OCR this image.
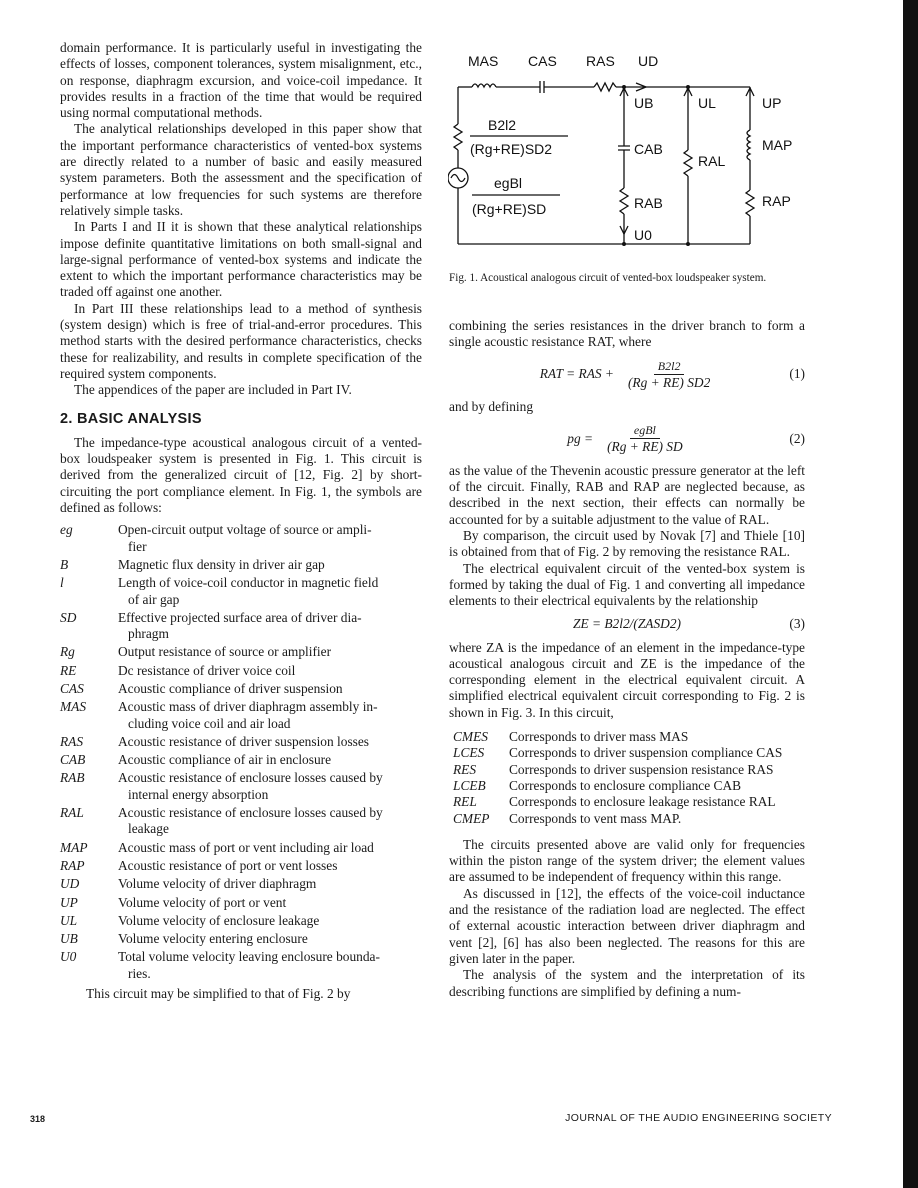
domain performance. It is particularly useful in investigating the effects of losses, component tolerances, system misalignment, etc., on response, diaphragm excursion, and voice-coil impedance. It provides results in a fraction of the time that would be required using normal computational methods.

The analytical relationships developed in this paper show that the important performance characteristics of vented-box systems are directly related to a number of basic and easily measured system parameters. Both the assessment and the specification of performance at low frequencies for such systems are therefore relatively simple tasks.

In Parts I and II it is shown that these analytical relationships impose definite quantitative limitations on both small-signal and large-signal performance of vented-box systems and indicate the extent to which the important performance characteristics may be traded off against one another.

In Part III these relationships lead to a method of synthesis (system design) which is free of trial-and-error procedures. This method starts with the desired performance characteristics, checks these for realizability, and results in complete specification of the required system components.

The appendices of the paper are included in Part IV.

2. BASIC ANALYSIS

The impedance-type acoustical analogous circuit of a vented-box loudspeaker system is presented in Fig. 1. This circuit is derived from the generalized circuit of [12, Fig. 2] by short-circuiting the port compliance element. In Fig. 1, the symbols are defined as follows:

eg	Open-circuit output voltage of source or ampli-
fier
B	Magnetic flux density in driver air gap
l	Length of voice-coil conductor in magnetic field
of air gap
SD	Effective projected surface area of driver dia-
phragm
Rg	Output resistance of source or amplifier
RE	Dc resistance of driver voice coil
CAS	Acoustic compliance of driver suspension
MAS	Acoustic mass of driver diaphragm assembly in-
cluding voice coil and air load
RAS	Acoustic resistance of driver suspension losses
CAB	Acoustic compliance of air in enclosure
RAB	Acoustic resistance of enclosure losses caused by
internal energy absorption
RAL	Acoustic resistance of enclosure losses caused by
leakage
MAP	Acoustic mass of port or vent including air load
RAP	Acoustic resistance of port or vent losses
UD	Volume velocity of driver diaphragm
UP	Volume velocity of port or vent
UL	Volume velocity of enclosure leakage
UB	Volume velocity entering enclosure
U0	Total volume velocity leaving enclosure bounda-
ries.

This circuit may be simplified to that of Fig. 2 by

MAS CAS RAS UD
UB
CAB
RAB
U0
UL
RAL
UP
MAP
RAP
B2l2
(Rg+RE)SD2
egBl
(Rg+RE)SD
Fig. 1. Acoustical analogous circuit of vented-box loudspeaker system.

combining the series resistances in the driver branch to form a single acoustic resistance RAT, where

RAT = RAS + $\frac{B2l2}{(Rg + RE) SD2}$	(1)

and by defining

pg = $\frac{\text{egBl}}{(Rg + RE) SD}$	(2)

as the value of the Thevenin acoustic pressure generator at the left of the circuit. Finally, RAB and RAP are neglected because, as described in the next section, their effects can normally be accounted for by a suitable adjustment to the value of RAL.

By comparison, the circuit used by Novak [7] and Thiele [10] is obtained from that of Fig. 2 by removing the resistance RAL.

The electrical equivalent circuit of the vented-box system is formed by taking the dual of Fig. 1 and converting all impedance elements to their electrical equivalents by the relationship

ZE = B2l2/(ZASD2)	(3)

where ZA is the impedance of an element in the impedance-type acoustical analogous circuit and ZE is the impedance of the corresponding element in the electrical equivalent circuit. A simplified electrical equivalent circuit corresponding to Fig. 2 is shown in Fig. 3. In this circuit,

CMES	Corresponds to driver mass MAS
LCES	Corresponds to driver suspension compliance CAS
RES	Corresponds to driver suspension resistance RAS
LCEB	Corresponds to enclosure compliance CAB
REL	Corresponds to enclosure leakage resistance RAL
CMEP	Corresponds to vent mass MAP.

The circuits presented above are valid only for frequencies within the piston range of the system driver; the element values are assumed to be independent of frequency within this range.

As discussed in [12], the effects of the voice-coil inductance and the resistance of the radiation load are neglected. The effect of external acoustic interaction between driver diaphragm and vent [2], [6] has also been neglected. The reasons for this are given later in the paper.

The analysis of the system and the interpretation of its describing functions are simplified by defining a num-

318	JOURNAL OF THE AUDIO ENGINEERING SOCIETY
